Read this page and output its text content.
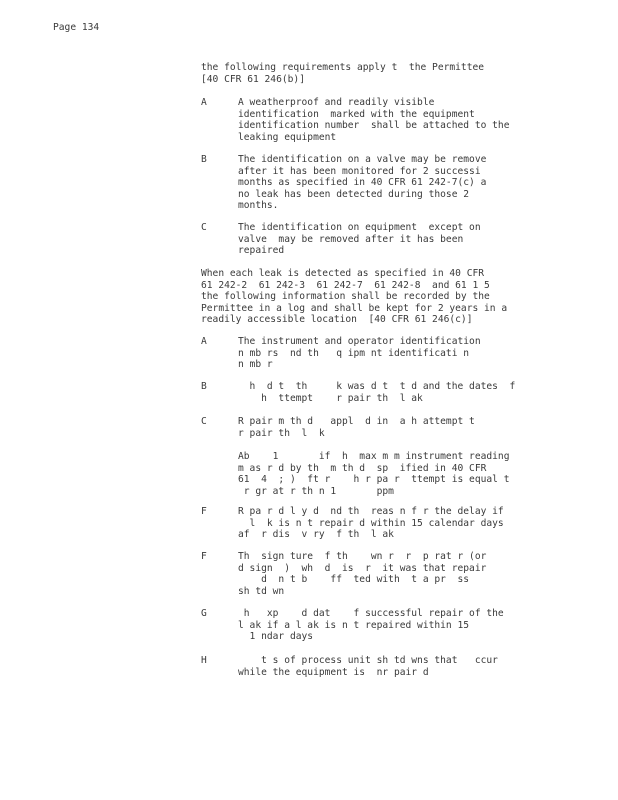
Page 134
the following requirements apply t  the Permittee
[40 CFR 61 246(b)]
A	A weatherproof and readily visible
identification  marked with the equipment
identification number  shall be attached to the
leaking equipment
B	The identification on a valve may be remove
after it has been monitored for 2 successi
months as specified in 40 CFR 61 242-7(c) a
no leak has been detected during those 2
months.
C	The identification on equipment  except on
valve  may be removed after it has been
repaired
When each leak is detected as specified in 40 CFR
61 242-2  61 242-3  61 242-7  61 242-8  and 61 1 5
the following information shall be recorded by the
Permittee in a log and shall be kept for 2 years in a
readily accessible location  [40 CFR 61 246(c)]
A	The instrument and operator identification
n mb rs  nd th   q ipm nt identificati n
n mb r
B	h  d t  th     k was d t  t d and the dates  f
h  ttempt    r pair th  l ak
C	R pair m th d   appl  d in  a h attempt t
r pair th  l  k
Ab    1       if  h  max m m instrument reading
m as r d by th  m th d  sp  ified in 40 CFR
61  4  ; )  ft r    h r pa r  ttempt is equal t
r gr at r th n 1       ppm
F	R pa r d l y d  nd th  reas n f r the delay if
l  k is n t repair d within 15 calendar days
af  r dis  v ry  f th  l ak
F	Th  sign ture  f th    wn r  r  p rat r (or
d sign  )  wh  d  is  r  it was that repair
d  n t b    ff  ted with  t a pr  ss
sh td wn
G	h   xp    d dat    f successful repair of the
l ak if a l ak is n t repaired within 15
1 ndar days
H	t s of process unit sh td wns that   ccur
while the equipment is  nr pair d
